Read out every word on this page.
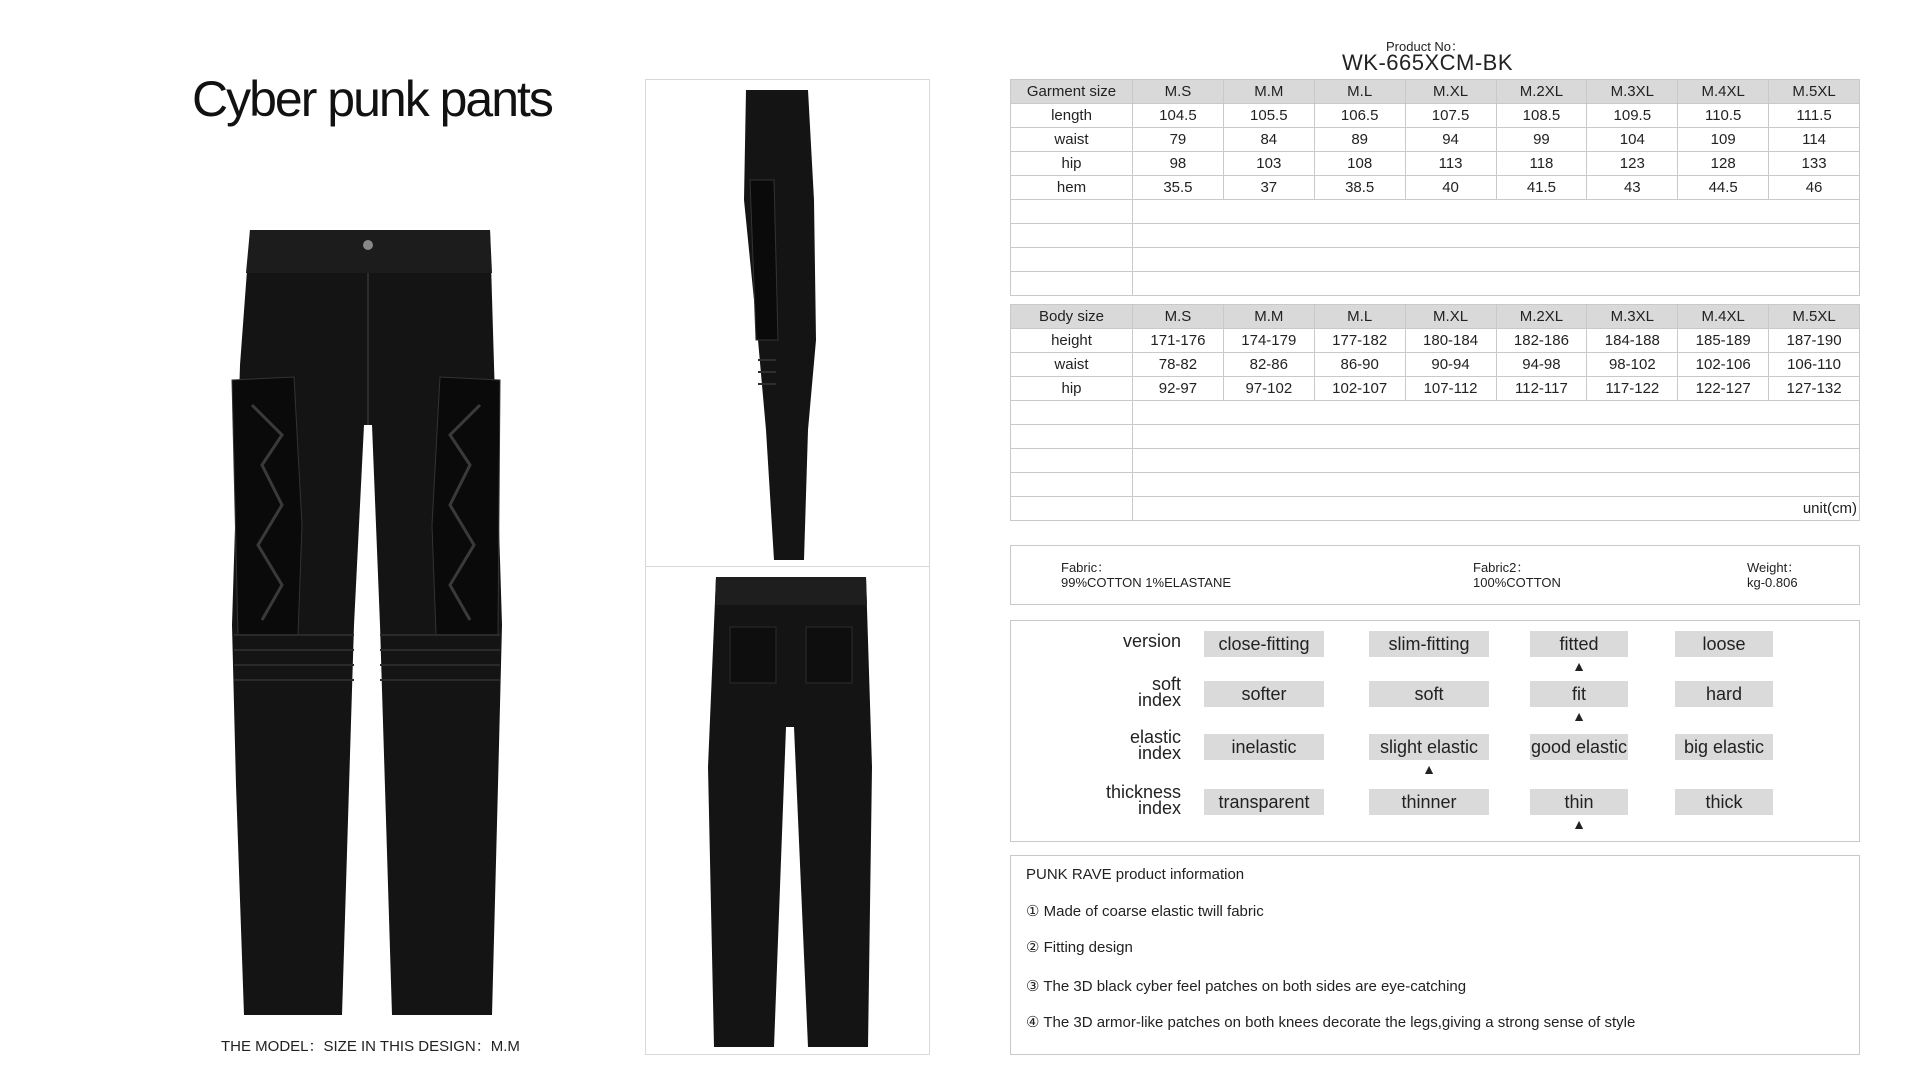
Cyber punk pants
THE MODEL：SIZE IN THIS DESIGN：M.M
Product No：
WK-665XCM-BK
Garment size	M.S	M.M	M.L	M.XL	M.2XL	M.3XL	M.4XL	M.5XL
length	104.5	105.5	106.5	107.5	108.5	109.5	110.5	111.5
waist	79	84	89	94	99	104	109	114
hip	98	103	108	113	118	123	128	133
hem	35.5	37	38.5	40	41.5	43	44.5	46

Body size	M.S	M.M	M.L	M.XL	M.2XL	M.3XL	M.4XL	M.5XL
height	171-176	174-179	177-182	180-184	182-186	184-188	185-189	187-190
waist	78-82	82-86	86-90	90-94	94-98	98-102	102-106	106-110
hip	92-97	97-102	102-107	107-112	112-117	117-122	122-127	127-132

	unit(cm)							
Fabric：
99%COTTON 1%ELASTANE
Fabric2：
100%COTTON
Weight：
kg-0.806
version	close-fitting	slim-fitting	fitted	loose
▲
soft
index	softer	soft	fit	hard
▲
elastic
index	inelastic	slight elastic	good elastic	big elastic
▲
thickness
index	transparent	thinner	thin	thick
▲
PUNK RAVE product information
① Made of coarse elastic twill fabric
② Fitting design
③ The 3D black cyber feel patches on both sides are eye-catching
④ The 3D armor-like patches on both knees decorate the legs,giving a strong sense of style
